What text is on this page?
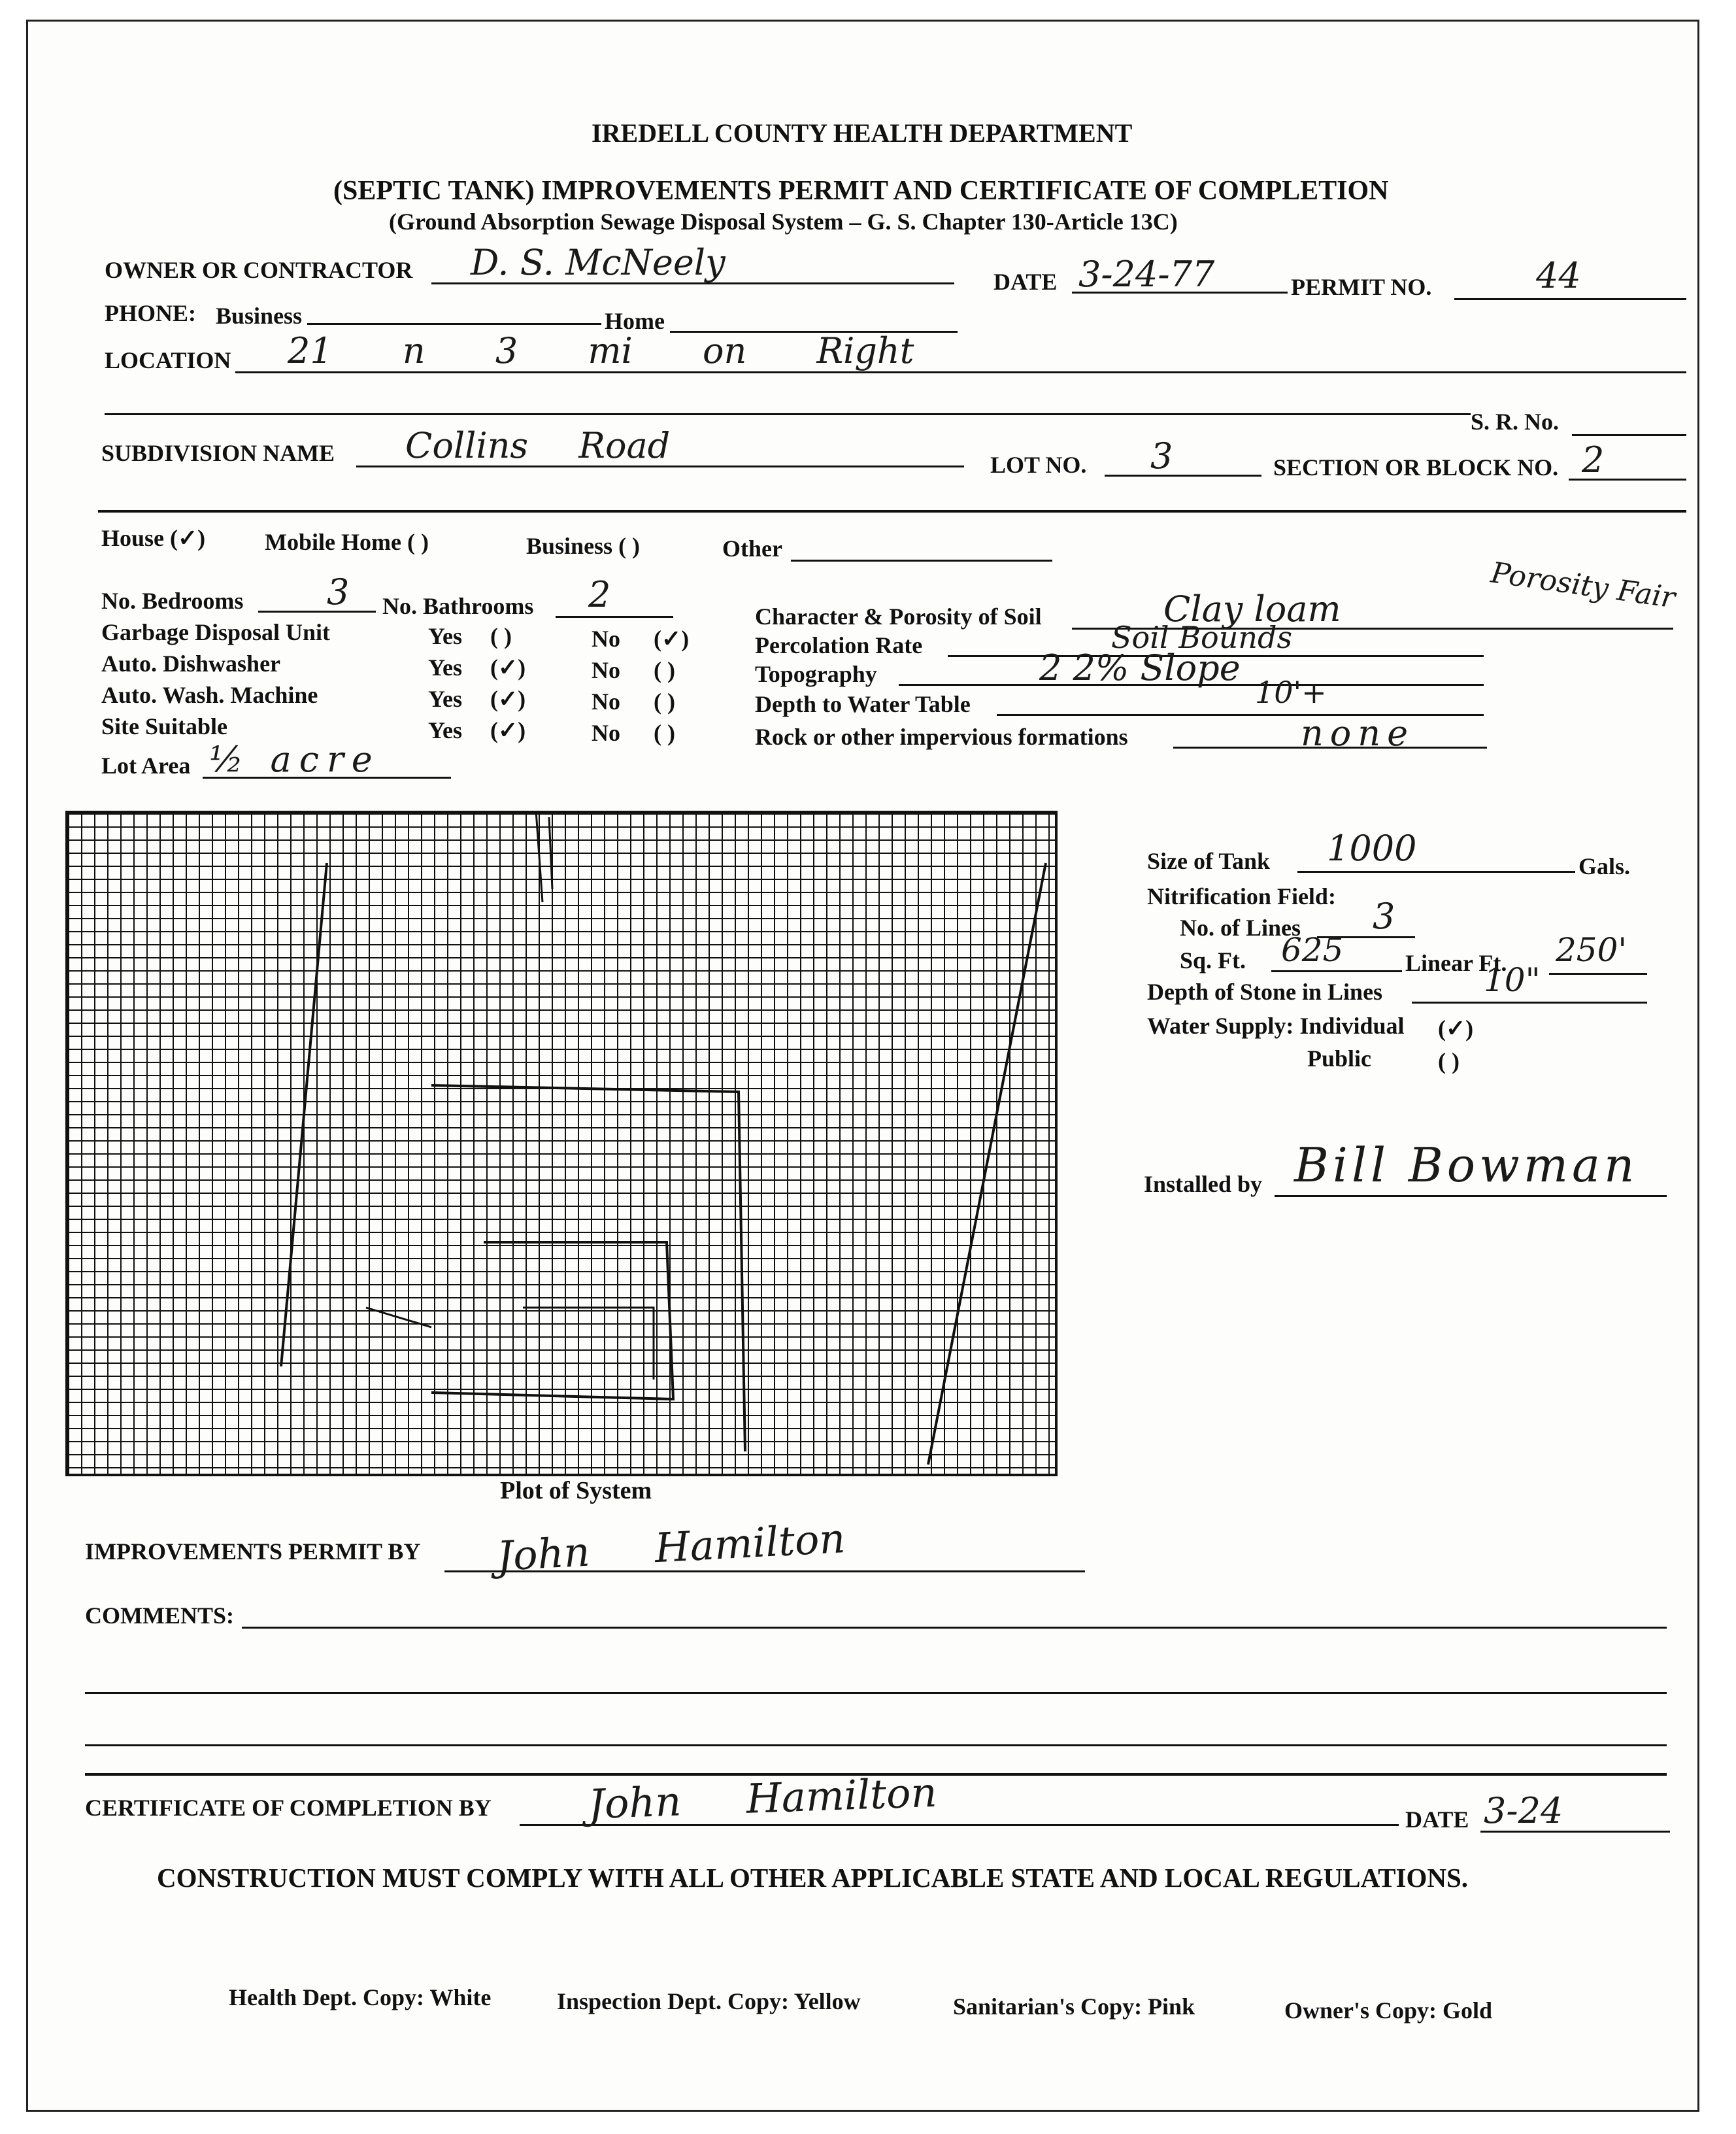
IREDELL COUNTY HEALTH DEPARTMENT
(SEPTIC TANK) IMPROVEMENTS PERMIT AND CERTIFICATE OF COMPLETION
(Ground Absorption Sewage Disposal System – G. S. Chapter 130-Article 13C)
OWNER OR CONTRACTOR D. S. McNeely	DATE 3-24-77	PERMIT NO.	44
PHONE: Business	Home
LOCATION 21 n 3 mi on Right
S. R. No.
SUBDIVISION NAME Collins Road	LOT NO. 3	SECTION OR BLOCK NO. 2
House (✓)	Mobile Home ( )	Business ( )	Other
No. Bedrooms 3 No. Bathrooms 2
Garbage Disposal Unit	Yes ( )	No (✓)
Auto. Dishwasher	Yes (✓)	No ( )
Auto. Wash. Machine	Yes (✓)	No ( )
Site Suitable	Yes (✓)	No ( )
Lot Area ½ acre
Character & Porosity of Soil	Clay loam	Porosity Fair
Percolation Rate	Soil Bounds
Topography	2 2% Slope
Depth to Water Table	10'+
Rock or other impervious formations	none
Plot of System
Size of Tank 1000	Gals.
Nitrification Field:
No. of Lines 3
Sq. Ft. 625	Linear Ft. 250'
Depth of Stone in Lines	10"
Water Supply: Individual (✓)
Public	( )
Installed by Bill Bowman
IMPROVEMENTS PERMIT BY John Hamilton
COMMENTS:
CERTIFICATE OF COMPLETION BY John Hamilton	DATE 3-24
CONSTRUCTION MUST COMPLY WITH ALL OTHER APPLICABLE STATE AND LOCAL REGULATIONS.
Health Dept. Copy: White	Inspection Dept. Copy: Yellow	Sanitarian's Copy: Pink	Owner's Copy: Gold
